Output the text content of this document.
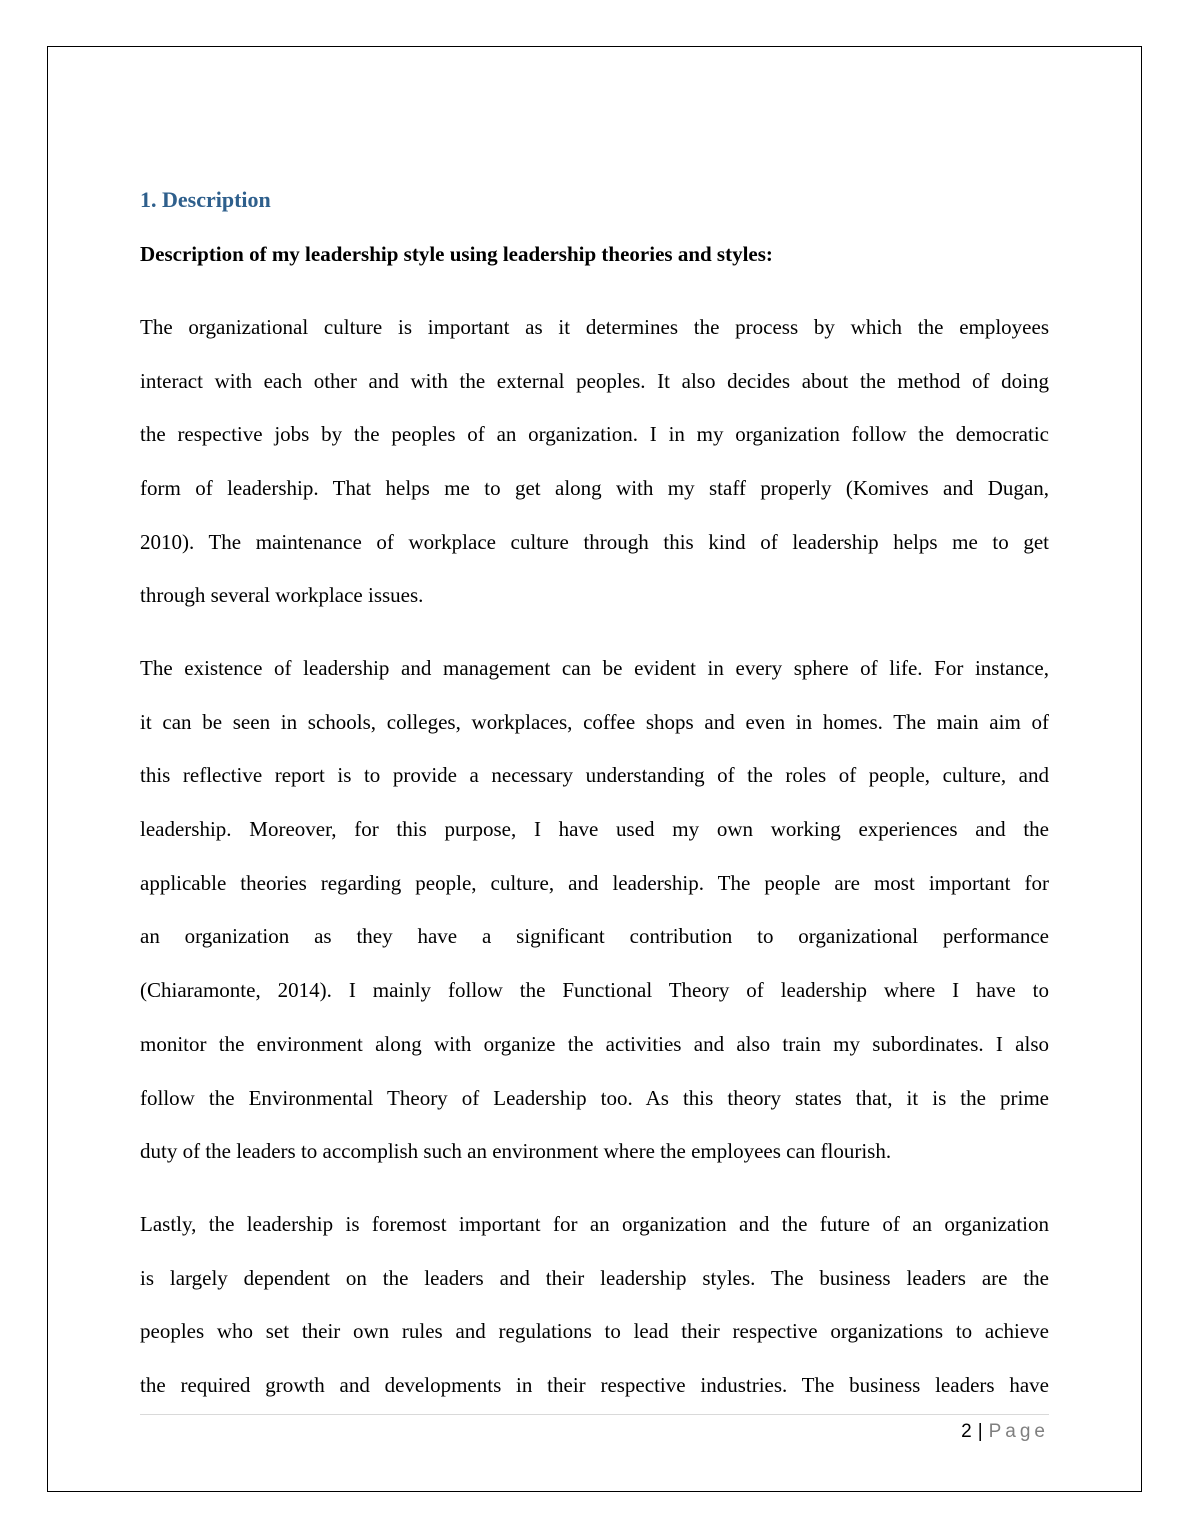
1. Description
Description of my leadership style using leadership theories and styles:

The organizational culture is important as it determines the process by which the employees
interact with each other and with the external peoples. It also decides about the method of doing
the respective jobs by the peoples of an organization. I in my organization follow the democratic
form of leadership. That helps me to get along with my staff properly (Komives and Dugan,
2010). The maintenance of workplace culture through this kind of leadership helps me to get
through several workplace issues.

The existence of leadership and management can be evident in every sphere of life. For instance,
it can be seen in schools, colleges, workplaces, coffee shops and even in homes. The main aim of
this reflective report is to provide a necessary understanding of the roles of people, culture, and
leadership. Moreover, for this purpose, I have used my own working experiences and the
applicable theories regarding people, culture, and leadership. The people are most important for
an organization as they have a significant contribution to organizational performance
(Chiaramonte, 2014). I mainly follow the Functional Theory of leadership where I have to
monitor the environment along with organize the activities and also train my subordinates. I also
follow the Environmental Theory of Leadership too. As this theory states that, it is the prime
duty of the leaders to accomplish such an environment where the employees can flourish.

Lastly, the leadership is foremost important for an organization and the future of an organization
is largely dependent on the leaders and their leadership styles. The business leaders are the
peoples who set their own rules and regulations to lead their respective organizations to achieve
the required growth and developments in their respective industries. The business leaders have

2 | Page
